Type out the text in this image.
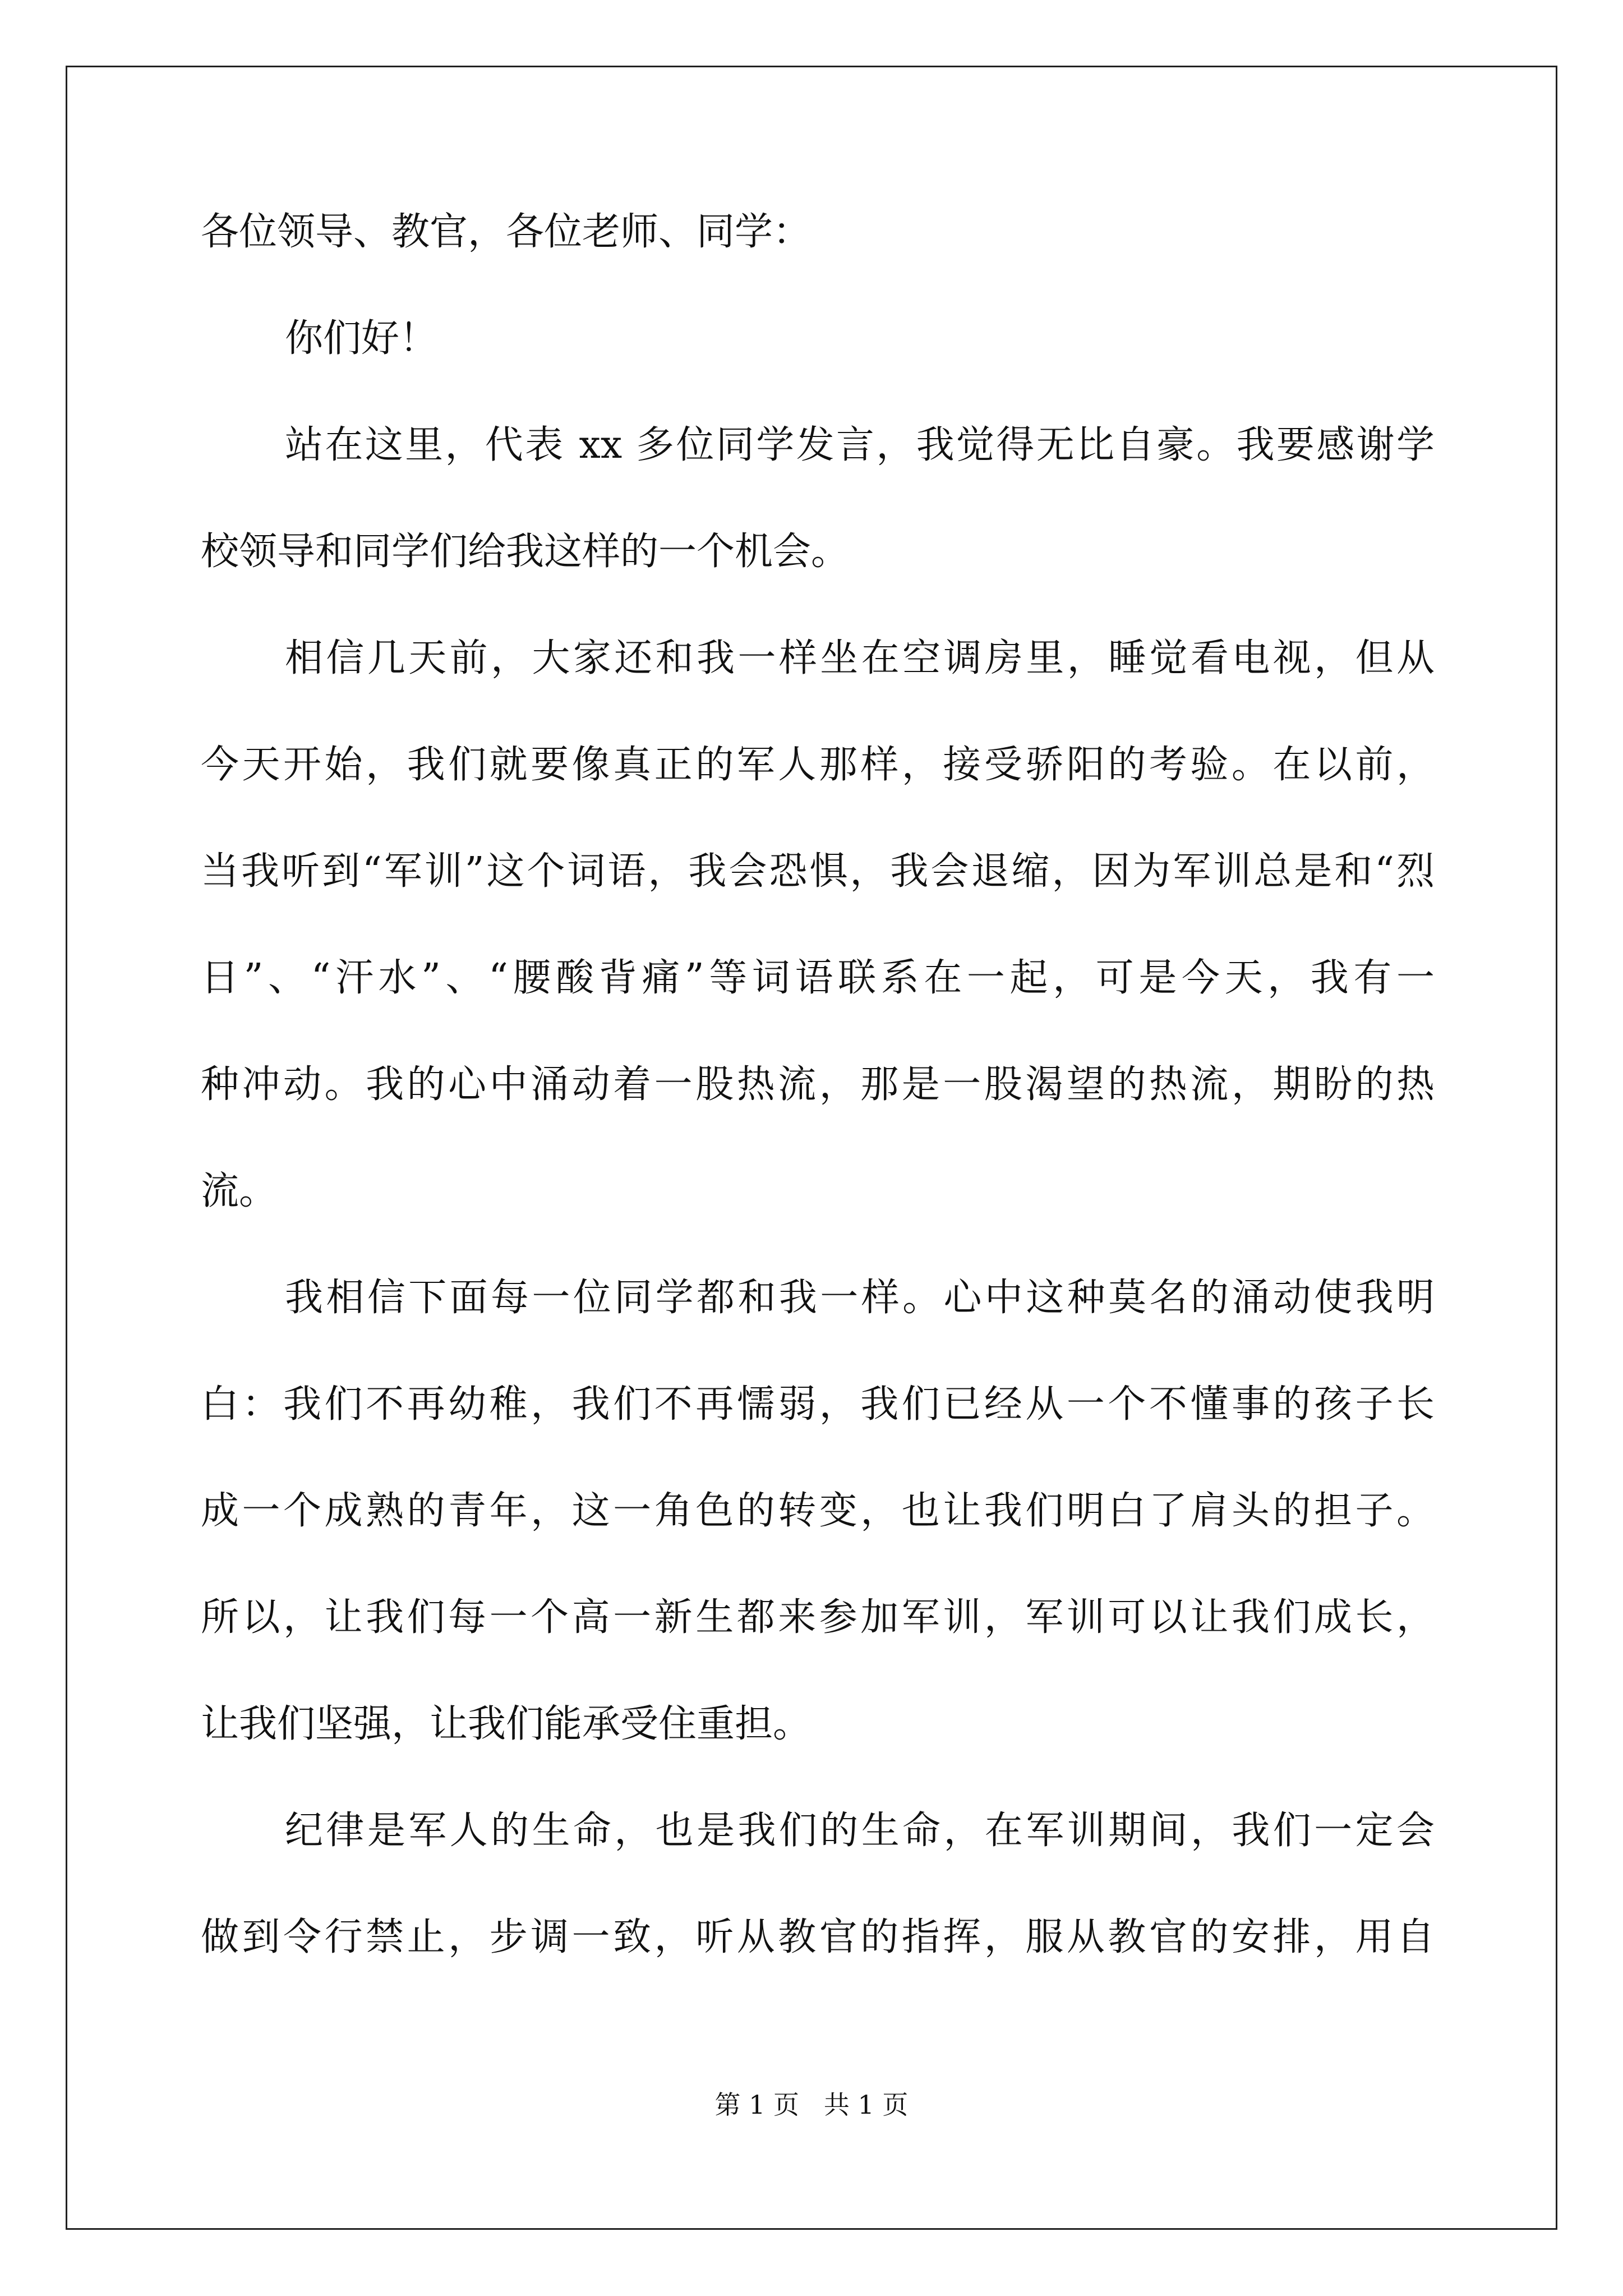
各位领导、教官，各位老师、同学：
你们好！
站在这里，代表 xx 多位同学发言，我觉得无比自豪。我要感谢学
校领导和同学们给我这样的一个机会。
相信几天前，大家还和我一样坐在空调房里，睡觉看电视，但从
今天开始，我们就要像真正的军人那样，接受骄阳的考验。在以前，
当我听到“军训”这个词语，我会恐惧，我会退缩，因为军训总是和“烈
日”、“汗水”、“腰酸背痛”等词语联系在一起，可是今天，我有一
种冲动。我的心中涌动着一股热流，那是一股渴望的热流，期盼的热
流。
我相信下面每一位同学都和我一样。心中这种莫名的涌动使我明
白：我们不再幼稚，我们不再懦弱，我们已经从一个不懂事的孩子长
成一个成熟的青年，这一角色的转变，也让我们明白了肩头的担子。
所以，让我们每一个高一新生都来参加军训，军训可以让我们成长，
让我们坚强，让我们能承受住重担。
纪律是军人的生命，也是我们的生命，在军训期间，我们一定会
做到令行禁止，步调一致，听从教官的指挥，服从教官的安排，用自
第 1 页   共 1 页
